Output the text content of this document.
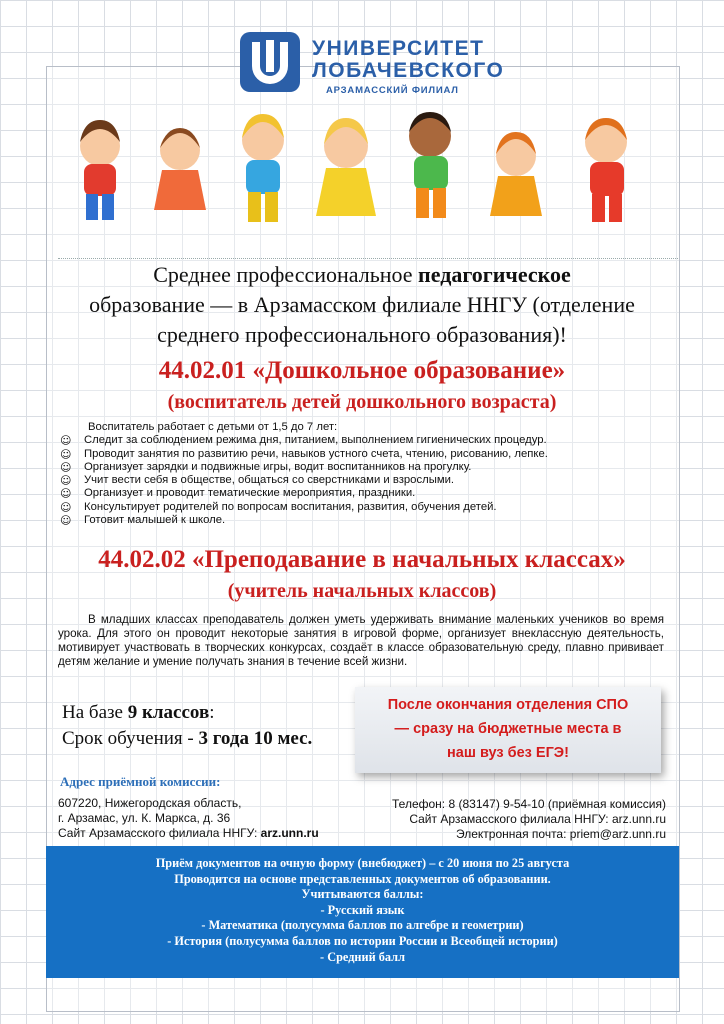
УНИВЕРСИТЕТ
ЛОБАЧЕВСКОГО
АРЗАМАССКИЙ ФИЛИАЛ
Среднее профессиональное педагогическое
образование — в Арзамасском филиале ННГУ (отделение среднего профессионального образования)!
44.02.01 «Дошкольное образование»
(воспитатель детей дошкольного возраста)
Воспитатель работает с детьми от 1,5 до 7 лет:
☺ Следит за соблюдением режима дня, питанием, выполнением гигиенических процедур.
☺ Проводит занятия по развитию речи, навыков устного счета, чтению, рисованию, лепке.
☺ Организует зарядки и подвижные игры, водит воспитанников на прогулку.
☺ Учит вести себя в обществе, общаться со сверстниками и взрослыми.
☺ Организует и проводит тематические мероприятия, праздники.
☺ Консультирует родителей по вопросам воспитания, развития, обучения детей.
☺ Готовит малышей к школе.
44.02.02 «Преподавание в начальных классах»
(учитель начальных классов)
В младших классах преподаватель должен уметь удерживать внимание маленьких учеников во время урока. Для этого он проводит некоторые занятия в игровой форме, организует внеклассную деятельность, мотивирует участвовать в творческих конкурсах, создаёт в классе образовательную среду, плавно прививает детям желание и умение получать знания в течение всей жизни.
На базе 9 классов:
Срок обучения - 3 года 10 мес.
После окончания отделения СПО
— сразу на бюджетные места в
наш вуз без ЕГЭ!
Адрес приёмной комиссии:
607220, Нижегородская область,
г. Арзамас, ул. К. Маркса, д. 36
Сайт Арзамасского филиала ННГУ: arz.unn.ru
Телефон: 8 (83147) 9-54-10 (приёмная комиссия)
Сайт Арзамасского филиала ННГУ: arz.unn.ru
Электронная почта: priem@arz.unn.ru
Приём документов на очную форму (внебюджет) – с 20 июня по 25 августа
Проводится на основе представленных документов об образовании.
Учитываются баллы:
- Русский язык
- Математика (полусумма баллов по алгебре и геометрии)
- История (полусумма баллов по истории России и Всеобщей истории)
- Средний балл
